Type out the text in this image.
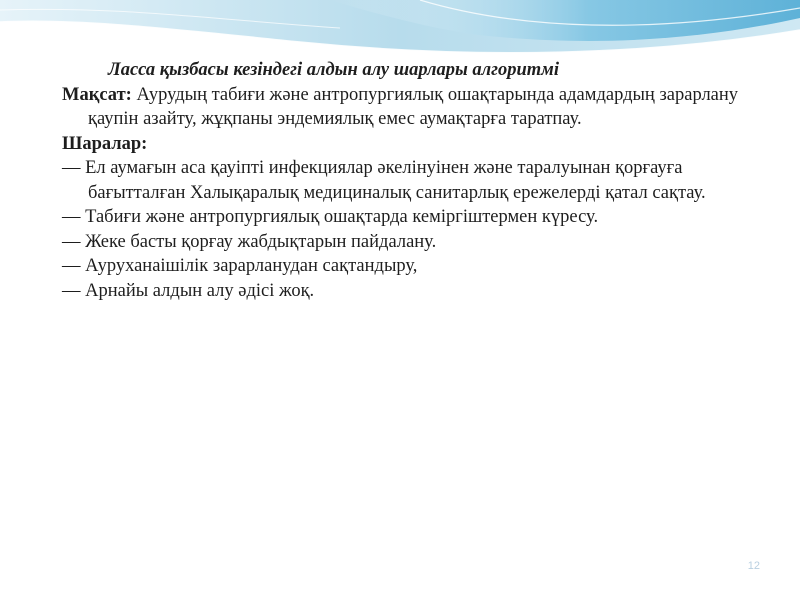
Ласса қызбасы кезіндегі алдын алу шарлары алгоритмі

Мақсат: Аурудың табиғи және антропургиялық ошақтарында адамдардың зарарлану қаупін азайту, жұқпаны эндемиялық емес аумақтарға таратпау.

Шаралар:

— Ел аумағын аса қауіпті инфекциялар әкелінуінен және таралуынан қорғауға бағытталған Халықаралық медициналық санитарлық ережелерді қатал сақтау.

— Табиғи және антропургиялық ошақтарда кеміргіштермен күресу.

— Жеке басты қорғау жабдықтарын пайдалану.

— Ауруханаішілік зарарланудан сақтандыру,

— Арнайы алдын алу әдісі жоқ.

12
